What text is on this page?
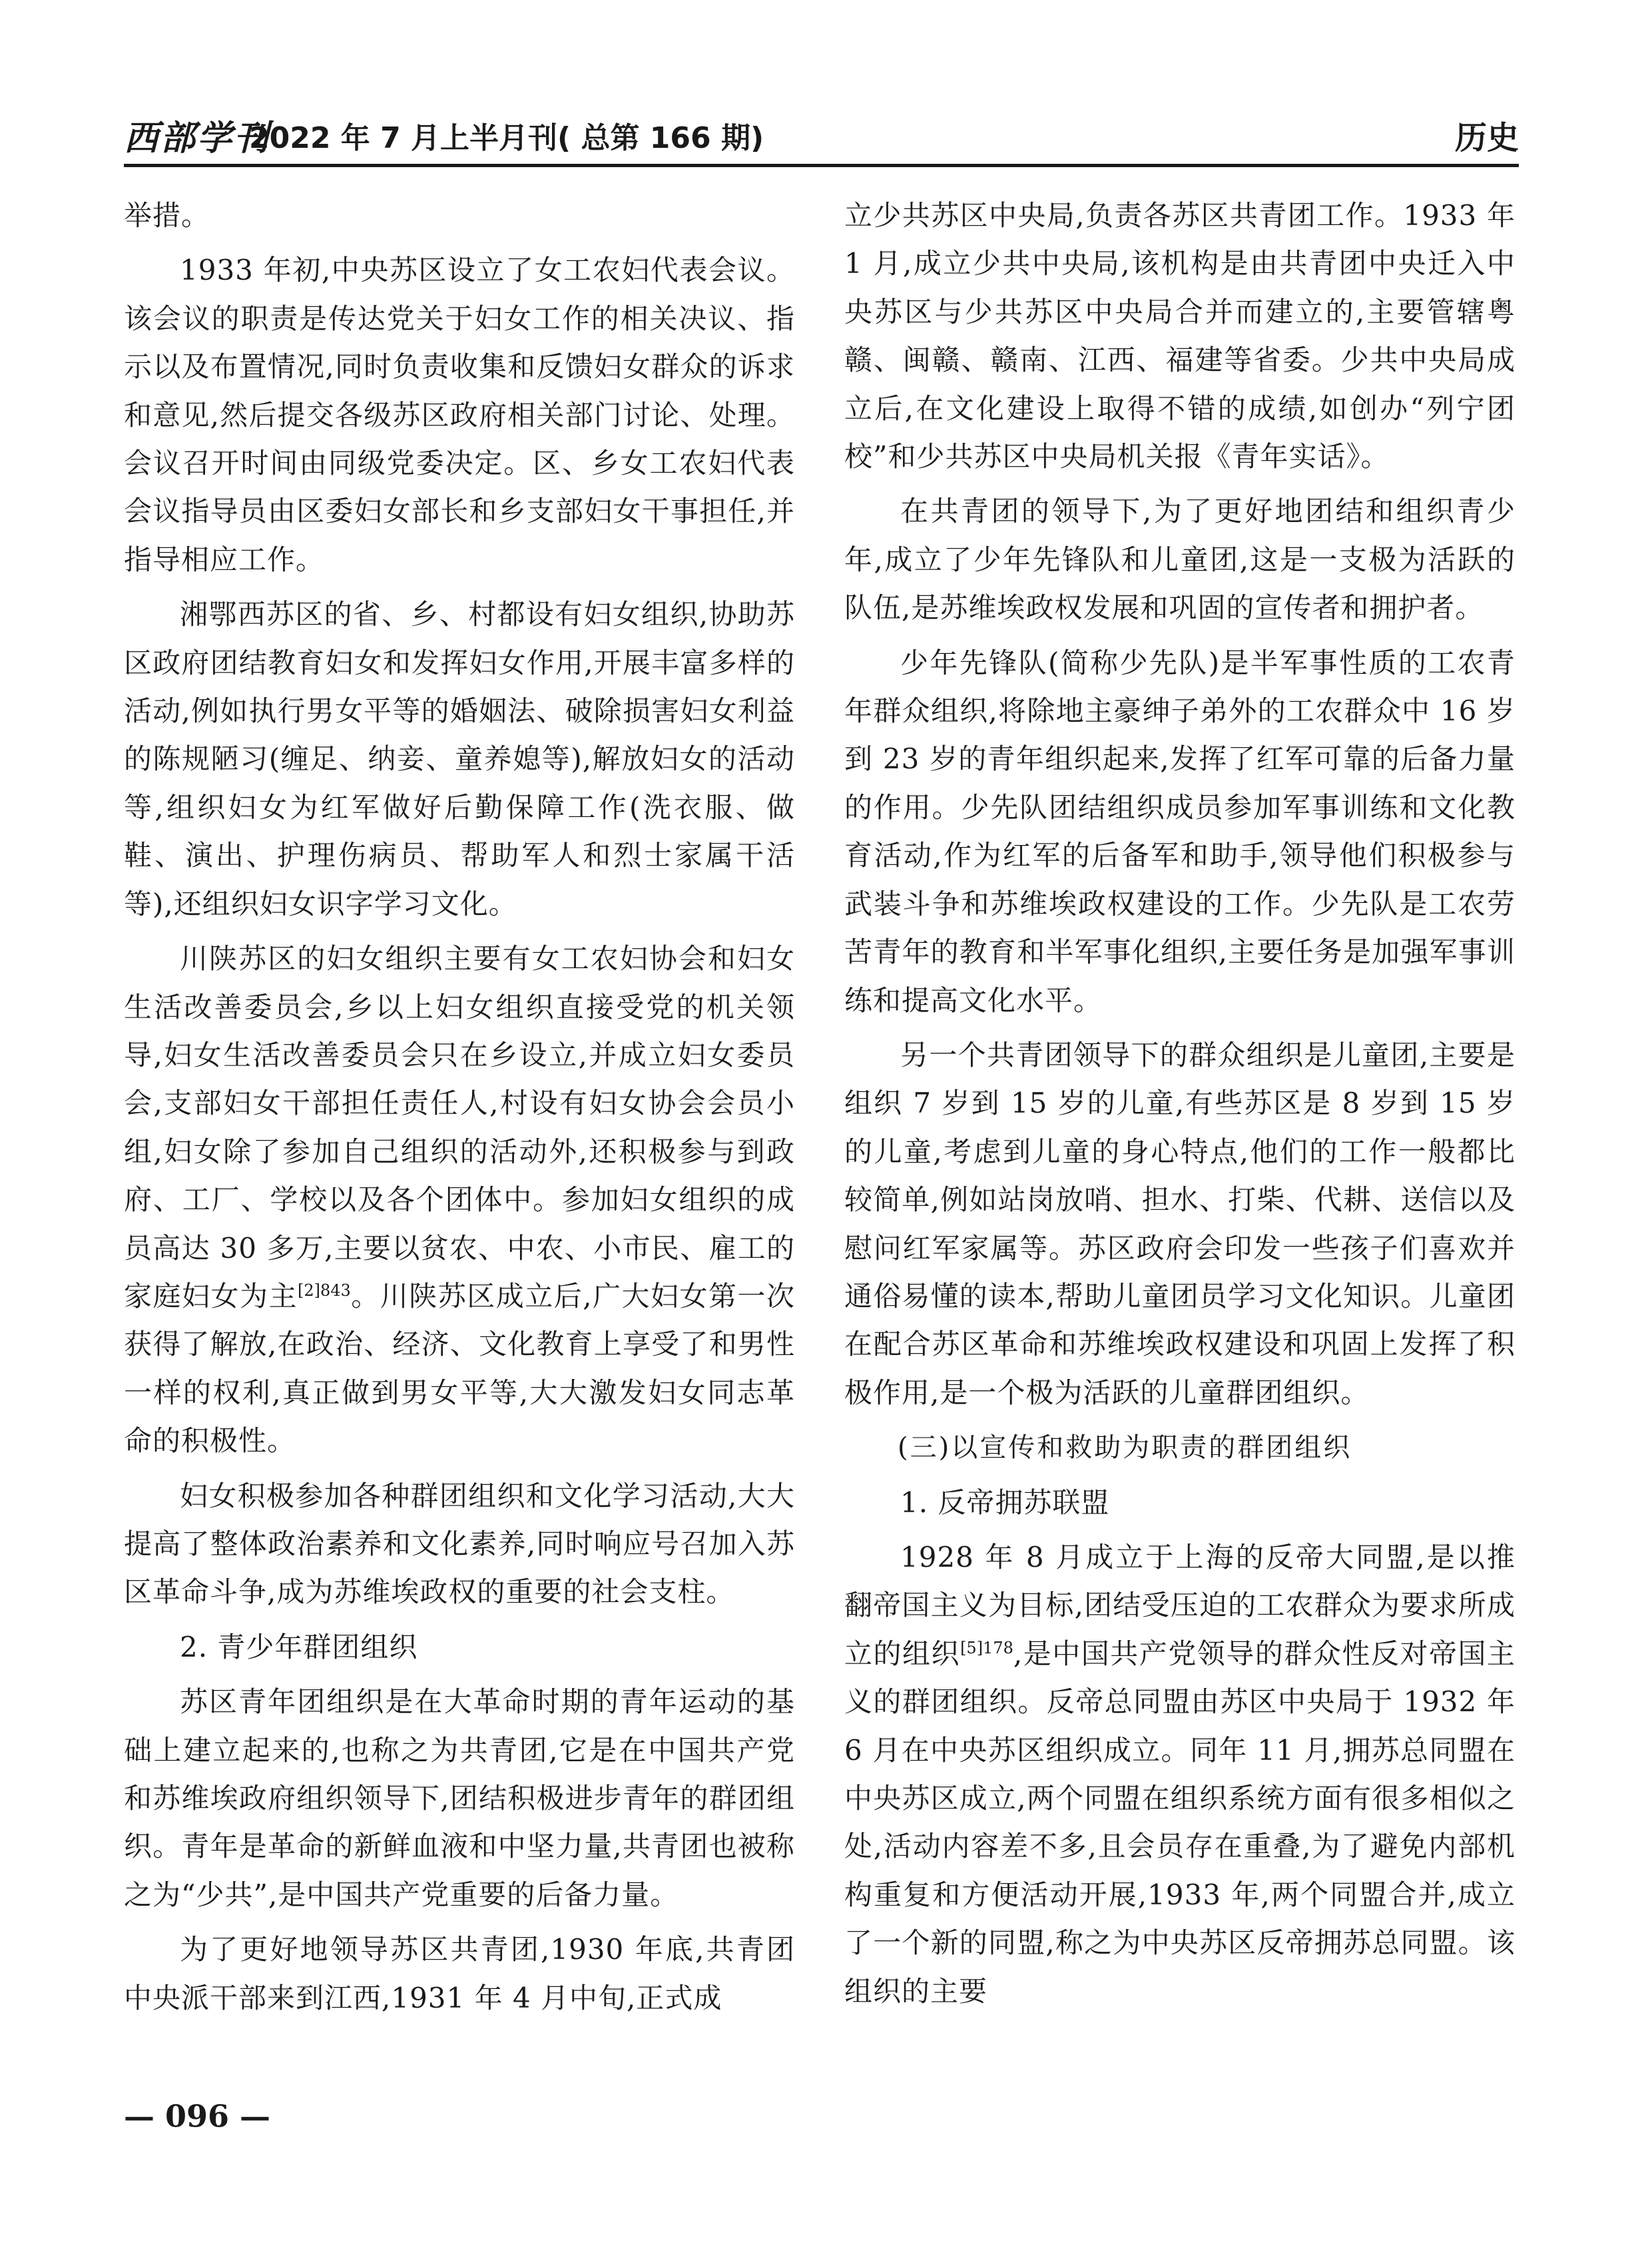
西部学刊
2022 年 7 月上半月刊( 总第 166 期)	历史

举措。

1933 年初,中央苏区设立了女工农妇代表会议。该会议的职责是传达党关于妇女工作的相关决议、指示以及布置情况,同时负责收集和反馈妇女群众的诉求和意见,然后提交各级苏区政府相关部门讨论、处理。会议召开时间由同级党委决定。区、乡女工农妇代表会议指导员由区委妇女部长和乡支部妇女干事担任,并指导相应工作。

湘鄂西苏区的省、乡、村都设有妇女组织,协助苏区政府团结教育妇女和发挥妇女作用,开展丰富多样的活动,例如执行男女平等的婚姻法、破除损害妇女利益的陈规陋习(缠足、纳妾、童养媳等),解放妇女的活动等,组织妇女为红军做好后勤保障工作(洗衣服、做鞋、演出、护理伤病员、帮助军人和烈士家属干活等),还组织妇女识字学习文化。

川陕苏区的妇女组织主要有女工农妇协会和妇女生活改善委员会,乡以上妇女组织直接受党的机关领导,妇女生活改善委员会只在乡设立,并成立妇女委员会,支部妇女干部担任责任人,村设有妇女协会会员小组,妇女除了参加自己组织的活动外,还积极参与到政府、工厂、学校以及各个团体中。参加妇女组织的成员高达 30 多万,主要以贫农、中农、小市民、雇工的家庭妇女为主$^{[2]843}$。川陕苏区成立后,广大妇女第一次获得了解放,在政治、经济、文化教育上享受了和男性一样的权利,真正做到男女平等,大大激发妇女同志革命的积极性。

妇女积极参加各种群团组织和文化学习活动,大大提高了整体政治素养和文化素养,同时响应号召加入苏区革命斗争,成为苏维埃政权的重要的社会支柱。

2. 青少年群团组织

苏区青年团组织是在大革命时期的青年运动的基础上建立起来的,也称之为共青团,它是在中国共产党和苏维埃政府组织领导下,团结积极进步青年的群团组织。青年是革命的新鲜血液和中坚力量,共青团也被称之为“少共”,是中国共产党重要的后备力量。

为了更好地领导苏区共青团,1930 年底,共青团中央派干部来到江西,1931 年 4 月中旬,正式成

立少共苏区中央局,负责各苏区共青团工作。1933 年 1 月,成立少共中央局,该机构是由共青团中央迁入中央苏区与少共苏区中央局合并而建立的,主要管辖粤赣、闽赣、赣南、江西、福建等省委。少共中央局成立后,在文化建设上取得不错的成绩,如创办“列宁团校”和少共苏区中央局机关报《青年实话》。

在共青团的领导下,为了更好地团结和组织青少年,成立了少年先锋队和儿童团,这是一支极为活跃的队伍,是苏维埃政权发展和巩固的宣传者和拥护者。

少年先锋队(简称少先队)是半军事性质的工农青年群众组织,将除地主豪绅子弟外的工农群众中 16 岁到 23 岁的青年组织起来,发挥了红军可靠的后备力量的作用。少先队团结组织成员参加军事训练和文化教育活动,作为红军的后备军和助手,领导他们积极参与武装斗争和苏维埃政权建设的工作。少先队是工农劳苦青年的教育和半军事化组织,主要任务是加强军事训练和提高文化水平。

另一个共青团领导下的群众组织是儿童团,主要是组织 7 岁到 15 岁的儿童,有些苏区是 8 岁到 15 岁的儿童,考虑到儿童的身心特点,他们的工作一般都比较简单,例如站岗放哨、担水、打柴、代耕、送信以及慰问红军家属等。苏区政府会印发一些孩子们喜欢并通俗易懂的读本,帮助儿童团员学习文化知识。儿童团在配合苏区革命和苏维埃政权建设和巩固上发挥了积极作用,是一个极为活跃的儿童群团组织。

(三)以宣传和救助为职责的群团组织

1. 反帝拥苏联盟

1928 年 8 月成立于上海的反帝大同盟,是以推翻帝国主义为目标,团结受压迫的工农群众为要求所成立的组织$^{[5]178}$,是中国共产党领导的群众性反对帝国主义的群团组织。反帝总同盟由苏区中央局于 1932 年 6 月在中央苏区组织成立。同年 11 月,拥苏总同盟在中央苏区成立,两个同盟在组织系统方面有很多相似之处,活动内容差不多,且会员存在重叠,为了避免内部机构重复和方便活动开展,1933 年,两个同盟合并,成立了一个新的同盟,称之为中央苏区反帝拥苏总同盟。该组织的主要

— 096 —
